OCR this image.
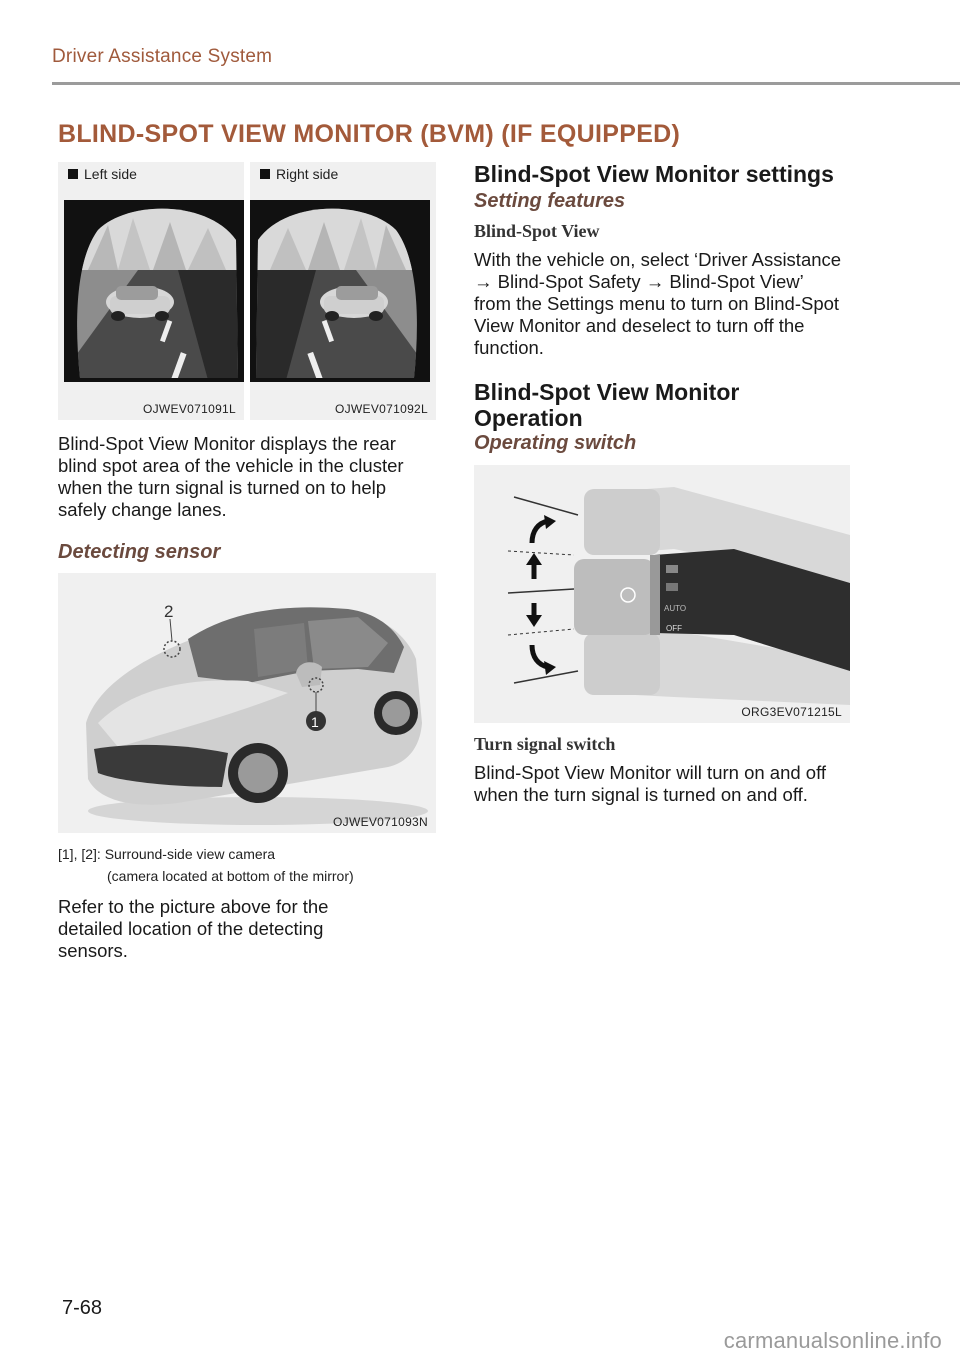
Driver Assistance System
BLIND-SPOT VIEW MONITOR (BVM) (IF EQUIPPED)
Left side
OJWEV071091L
Right side
OJWEV071092L
Blind-Spot View Monitor displays the rear blind spot area of the vehicle in the cluster when the turn signal is turned on to help safely change lanes.
Detecting sensor
2
1
OJWEV071093N
[1], [2]: Surround-side view camera
(camera located at bottom of the mirror)
Refer to the picture above for the detailed location of the detecting sensors.
Blind-Spot View Monitor settings
Setting features
Blind-Spot View
With the vehicle on, select ‘Driver Assistance → Blind-Spot Safety → Blind-Spot View’ from the Settings menu to turn on Blind-Spot View Monitor and deselect to turn off the function.
Blind-Spot View Monitor Operation
Operating switch
AUTO
OFF
ORG3EV071215L
Turn signal switch
Blind-Spot View Monitor will turn on and off when the turn signal is turned on and off.
7-68
carmanualsonline.info
